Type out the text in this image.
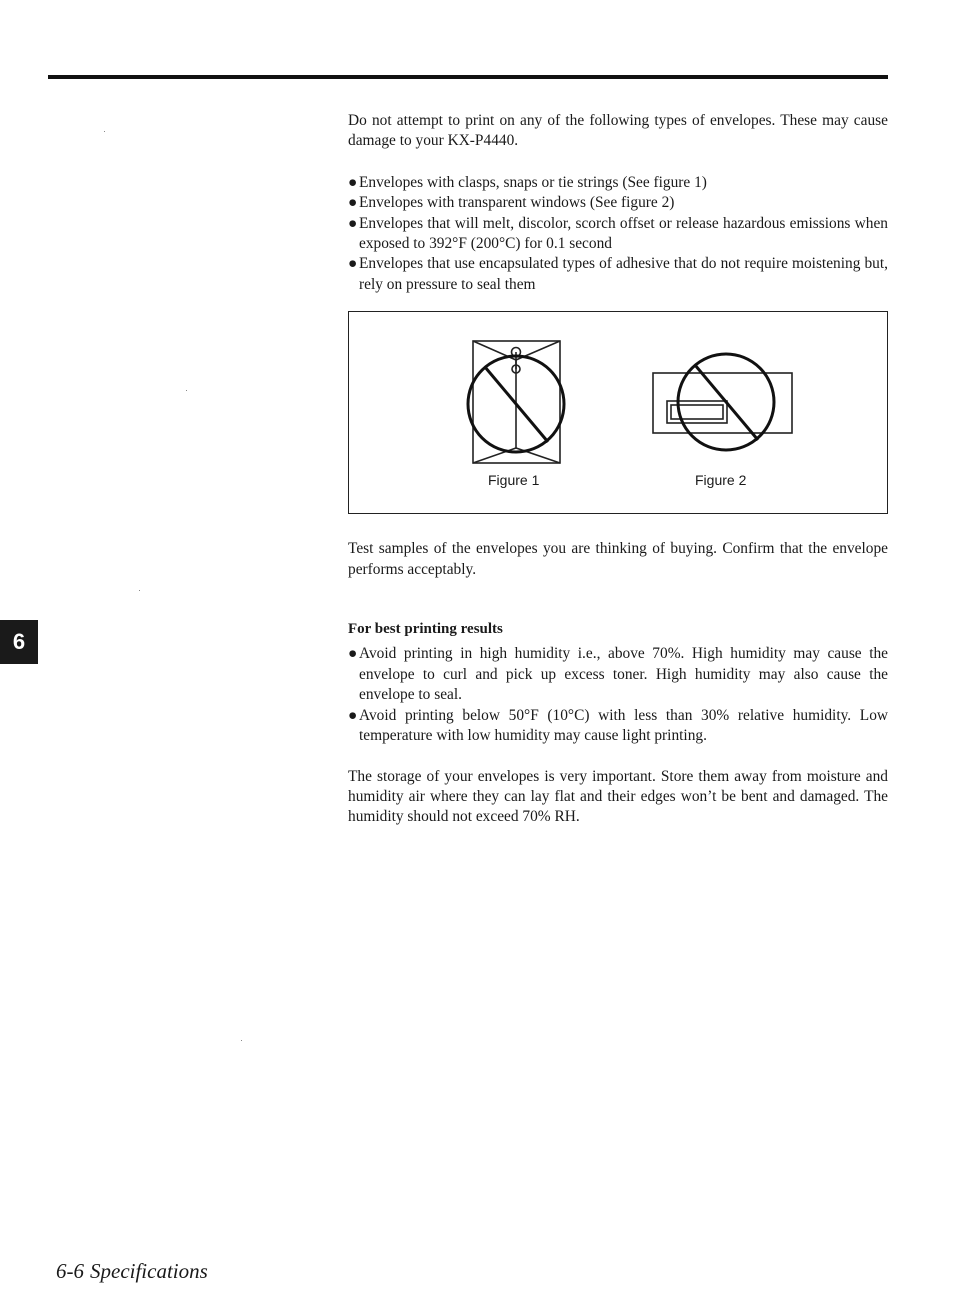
Do not attempt to print on any of the following types of envelopes. These may cause damage to your KX-P4440.

● Envelopes with clasps, snaps or tie strings (See figure 1)
● Envelopes with transparent windows (See figure 2)
● Envelopes that will melt, discolor, scorch offset or release hazardous emissions when exposed to 392°F (200°C) for 0.1 second
● Envelopes that use encapsulated types of adhesive that do not require moistening but, rely on pressure to seal them
Figure 1	Figure 2

Test samples of the envelopes you are thinking of buying. Confirm that the envelope performs acceptably.

For best printing results

● Avoid printing in high humidity i.e., above 70%. High humidity may cause the envelope to curl and pick up excess toner. High humidity may also cause the envelope to seal.
● Avoid printing below 50°F (10°C) with less than 30% relative humidity. Low temperature with low humidity may cause light printing.

The storage of your envelopes is very important. Store them away from moisture and humidity air where they can lay flat and their edges won’t be bent and damaged. The humidity should not exceed 70% RH.

6
6-6 Specifications
